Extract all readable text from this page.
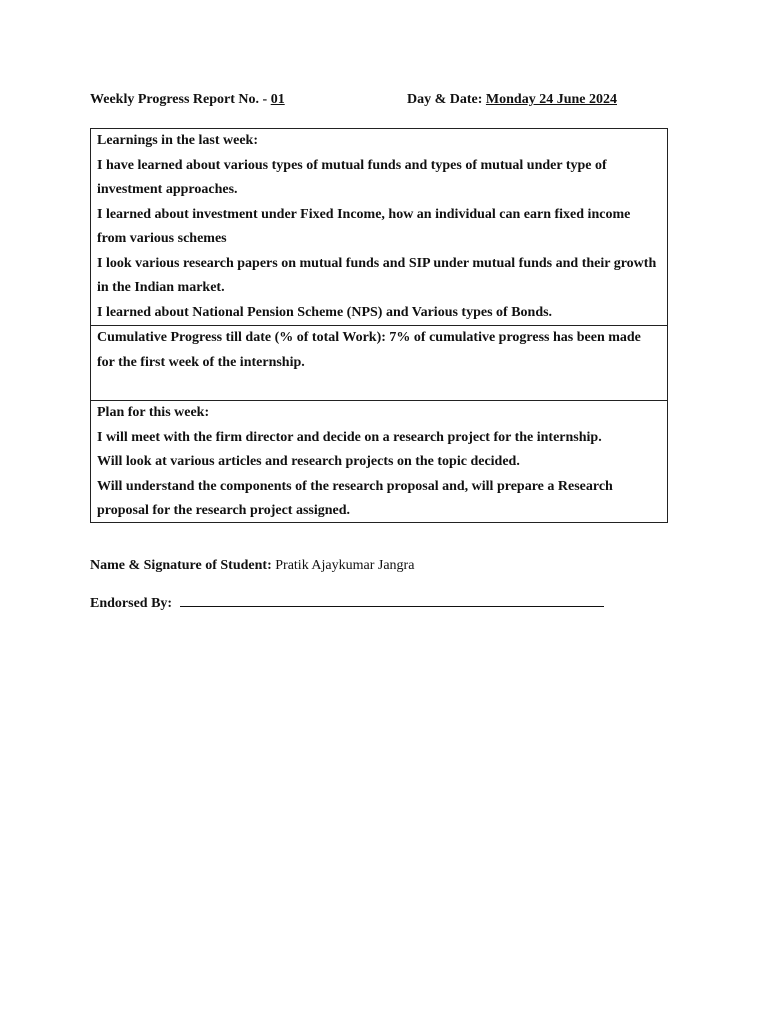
Weekly Progress Report No. - 01	Day & Date: Monday 24 June 2024

Learnings in the last week:

I have learned about various types of mutual funds and types of mutual under type of investment approaches.

I learned about investment under Fixed Income, how an individual can earn fixed income from various schemes

I look various research papers on mutual funds and SIP under mutual funds and their growth in the Indian market.

I learned about National Pension Scheme (NPS) and Various types of Bonds.

Cumulative Progress till date (% of total Work): 7% of cumulative progress has been made for the first week of the internship.

Plan for this week:

I will meet with the firm director and decide on a research project for the internship.

Will look at various articles and research projects on the topic decided.

Will understand the components of the research proposal and, will prepare a Research proposal for the research project assigned.

Name & Signature of Student: Pratik Ajaykumar Jangra
Endorsed By:
